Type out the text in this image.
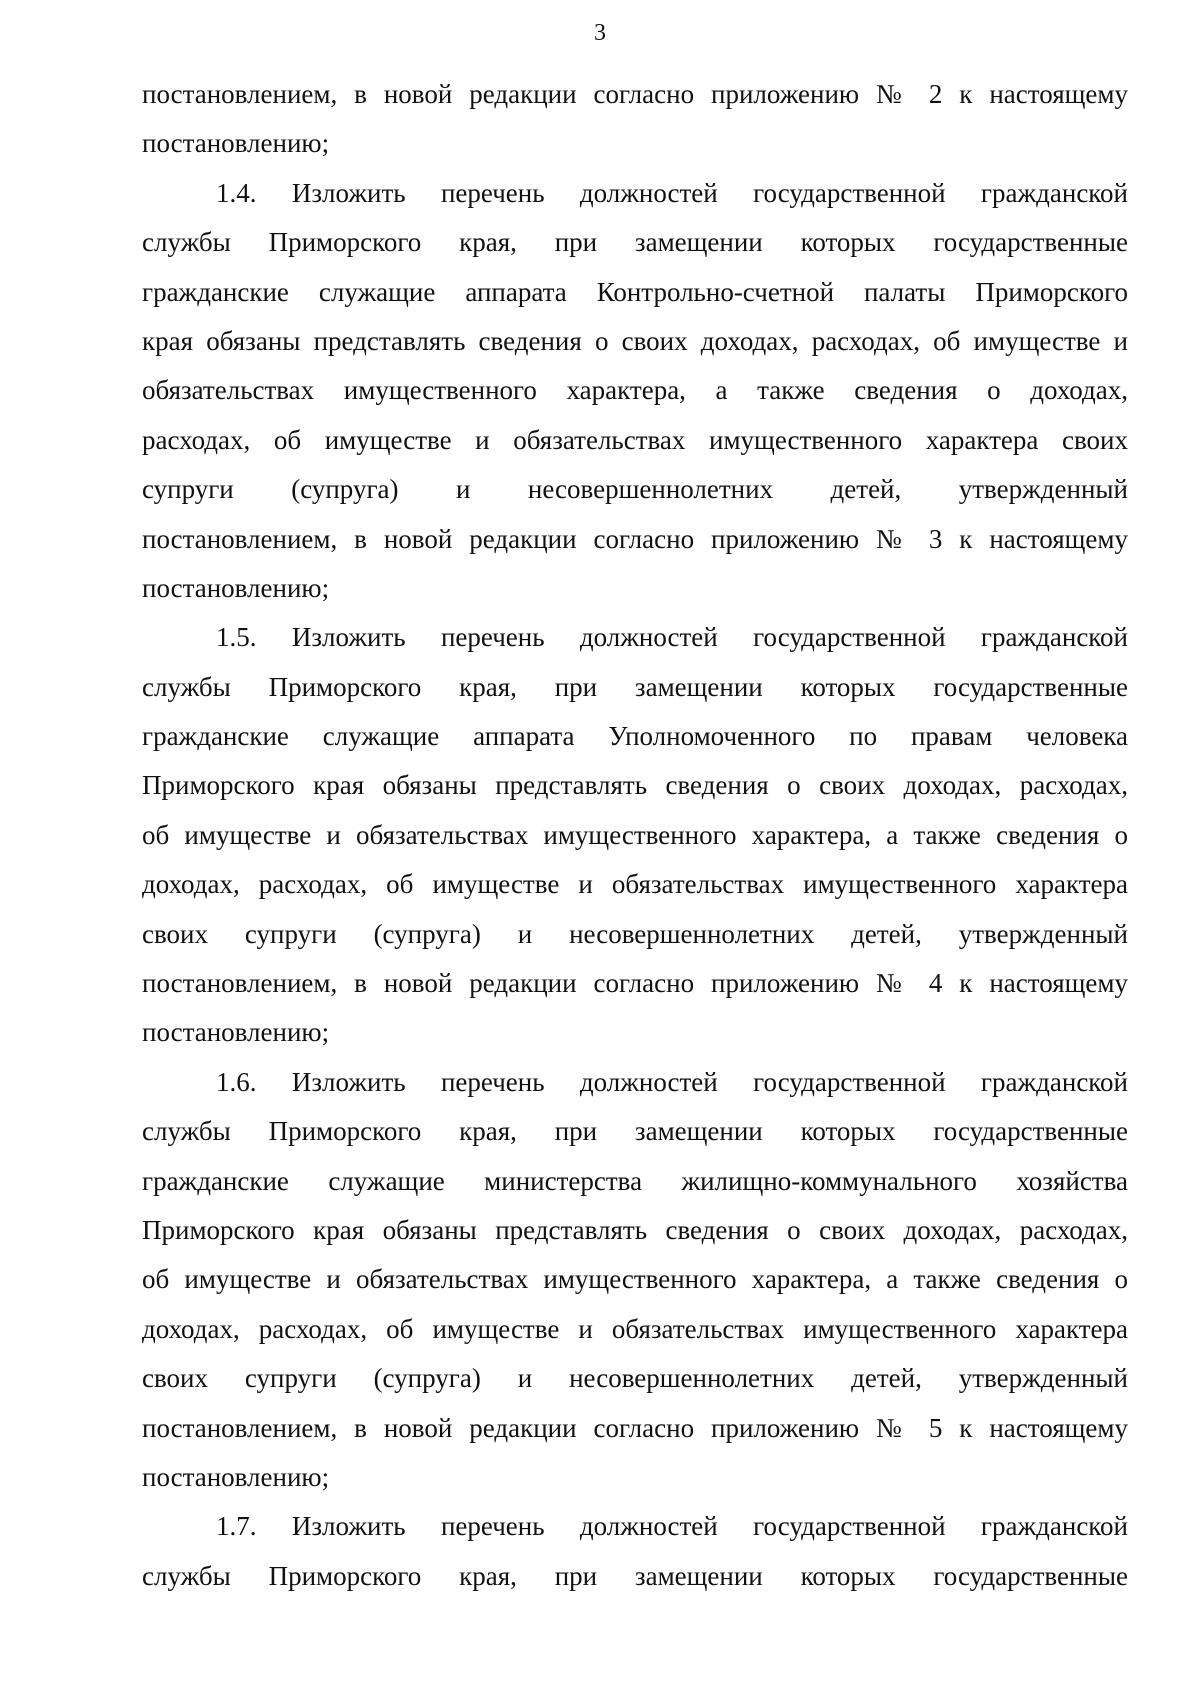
3
постановлением, в новой редакции согласно приложению № 2 к настоящему
постановлению;
1.4. Изложить перечень должностей государственной гражданской
службы Приморского края, при замещении которых государственные
гражданские служащие аппарата Контрольно-счетной палаты Приморского
края обязаны представлять сведения о своих доходах, расходах, об имуществе и
обязательствах имущественного характера, а также сведения о доходах,
расходах, об имуществе и обязательствах имущественного характера своих
супруги (супруга) и несовершеннолетних детей, утвержденный
постановлением, в новой редакции согласно приложению № 3 к настоящему
постановлению;
1.5. Изложить перечень должностей государственной гражданской
службы Приморского края, при замещении которых государственные
гражданские служащие аппарата Уполномоченного по правам человека
Приморского края обязаны представлять сведения о своих доходах, расходах,
об имуществе и обязательствах имущественного характера, а также сведения о
доходах, расходах, об имуществе и обязательствах имущественного характера
своих супруги (супруга) и несовершеннолетних детей, утвержденный
постановлением, в новой редакции согласно приложению № 4 к настоящему
постановлению;
1.6. Изложить перечень должностей государственной гражданской
службы Приморского края, при замещении которых государственные
гражданские служащие министерства жилищно-коммунального хозяйства
Приморского края обязаны представлять сведения о своих доходах, расходах,
об имуществе и обязательствах имущественного характера, а также сведения о
доходах, расходах, об имуществе и обязательствах имущественного характера
своих супруги (супруга) и несовершеннолетних детей, утвержденный
постановлением, в новой редакции согласно приложению № 5 к настоящему
постановлению;
1.7. Изложить перечень должностей государственной гражданской
службы Приморского края, при замещении которых государственные
